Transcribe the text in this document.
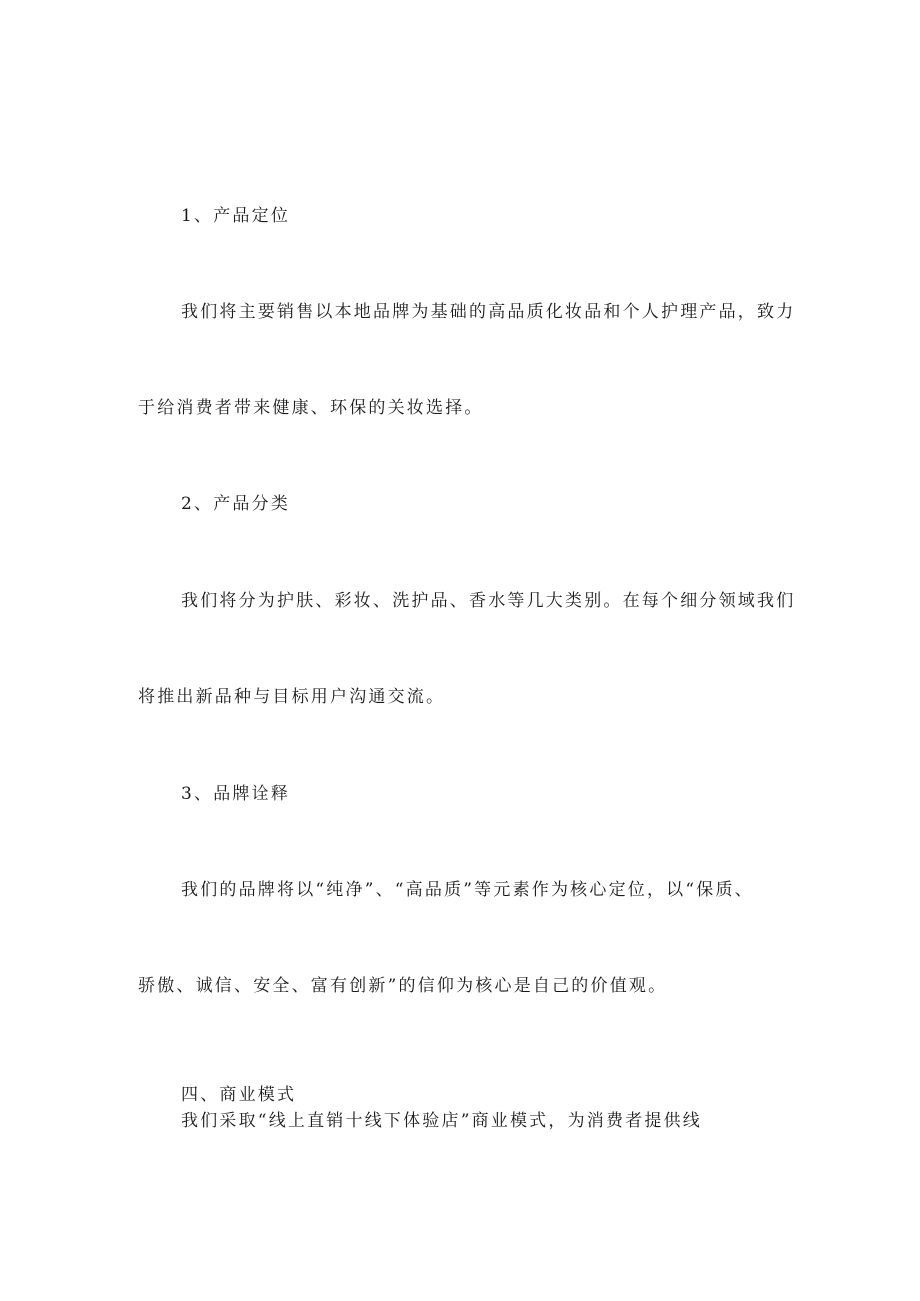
1、产品定位
我们将主要销售以本地品牌为基础的高品质化妆品和个人护理产品，致力
于给消费者带来健康、环保的关妆选择。
2、产品分类
我们将分为护肤、彩妆、洗护品、香水等几大类别。在每个细分领域我们
将推出新品种与目标用户沟通交流。
3、品牌诠释
我们的品牌将以“纯净”、“高品质”等元素作为核心定位，以“保质、
骄傲、诚信、安全、富有创新”的信仰为核心是自己的价值观。
四、商业模式
我们采取“线上直销十线下体验店”商业模式，为消费者提供线
